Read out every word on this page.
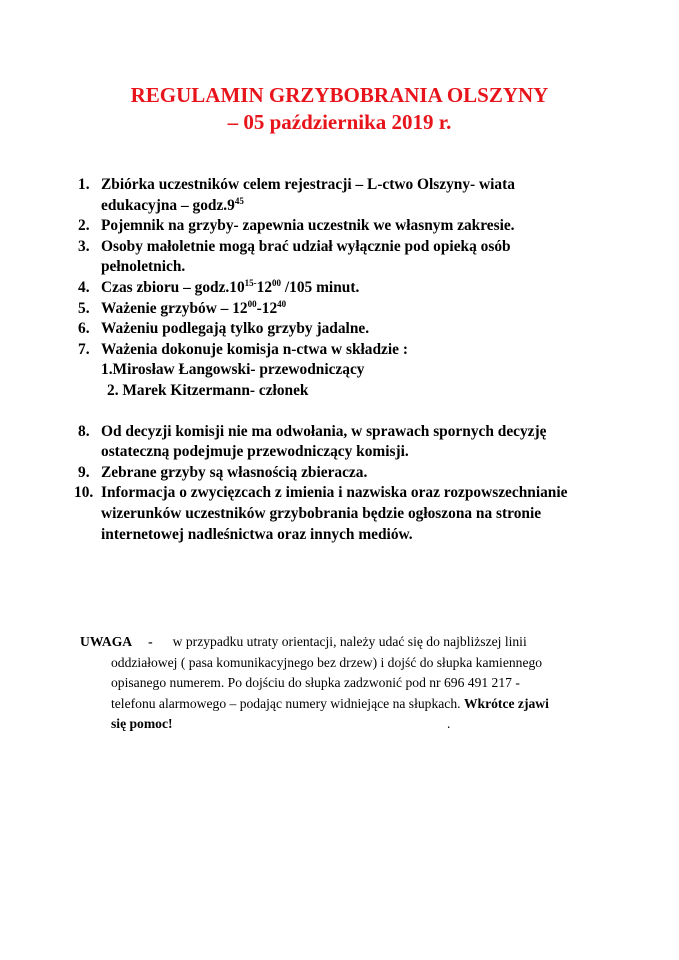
REGULAMIN GRZYBOBRANIA OLSZYNY
– 05 października 2019 r.
1. Zbiórka uczestników celem rejestracji – L-ctwo Olszyny- wiata
edukacyjna – $godz.9^{45}$
2. Pojemnik na grzyby- zapewnia uczestnik we własnym zakresie.
3. Osoby małoletnie mogą brać udział wyłącznie pod opieką osób
pełnoletnich.
4. Czas zbioru – $godz.10^{15-}12^{00}$ /105 minut.
5. Ważenie grzybów – $12^{00}-12^{40}$
6. Ważeniu podlegają tylko grzyby jadalne.
7. Ważenia dokonuje komisja n-ctwa w składzie :
1.Mirosław Łangowski- przewodniczący
2. Marek Kitzermann- członek
8. Od decyzji komisji nie ma odwołania, w sprawach spornych decyzję
ostateczną podejmuje przewodniczący komisji.
9. Zebrane grzyby są własnością zbieracza.
10. Informacja o zwycięzcach z imienia i nazwiska oraz rozpowszechnianie
wizerunków uczestników grzybobrania będzie ogłoszona na stronie
internetowej nadleśnictwa oraz innych mediów.
UWAGA - w przypadku utraty orientacji, należy udać się do najbliższej linii
oddziałowej ( pasa komunikacyjnego bez drzew) i dojść do słupka kamiennego
opisanego numerem. Po dojściu do słupka zadzwonić pod nr 696 491 217 -
telefonu alarmowego – podając numery widniejące na słupkach. Wkrótce zjawi
się pomoc!	.
